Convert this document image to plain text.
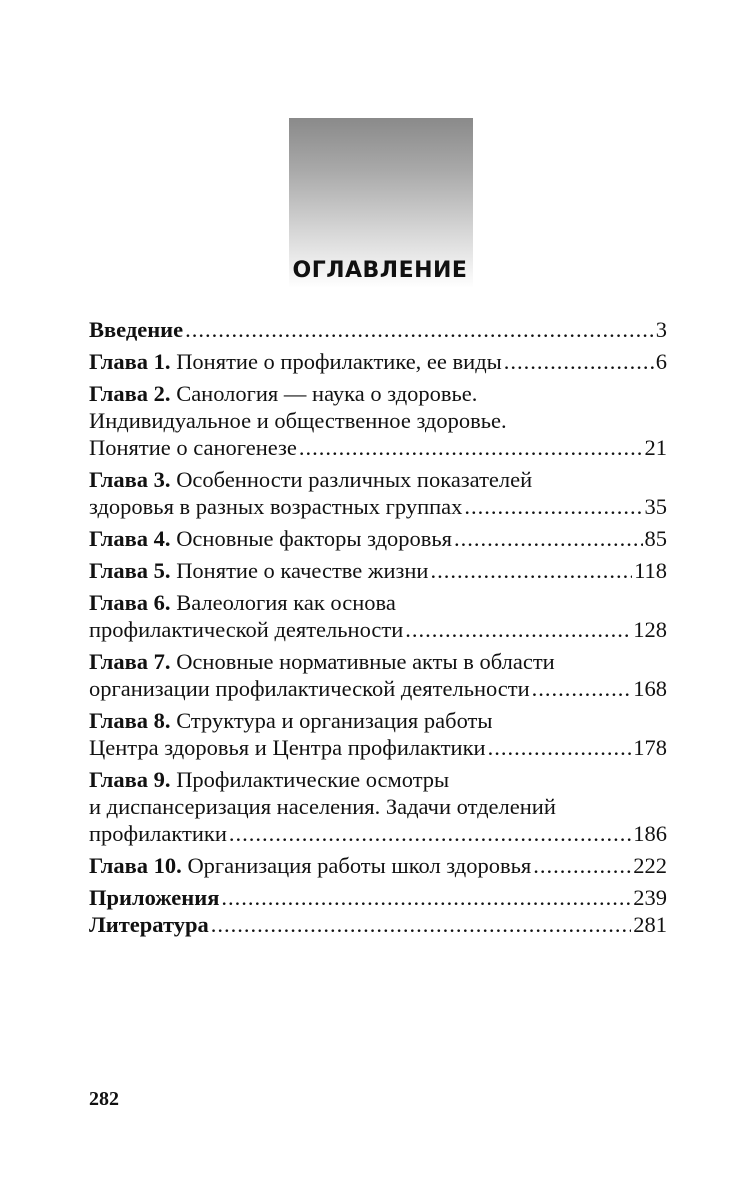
ОГЛАВЛЕНИЕ
Введение .....	3
Глава 1. Понятие о профилактике, ее виды .....	6
Глава 2. Санология — наука о здоровье.
Индивидуальное и общественное здоровье.
Понятие о саногенезе .....	21
Глава 3. Особенности различных показателей
здоровья в разных возрастных группах .....	35
Глава 4. Основные факторы здоровья .....	85
Глава 5. Понятие о качестве жизни .....	118
Глава 6. Валеология как основа
профилактической деятельности .....	128
Глава 7. Основные нормативные акты в области
организации профилактической деятельности .....	168
Глава 8. Структура и организация работы
Центра здоровья и Центра профилактики .....	178
Глава 9. Профилактические осмотры
и диспансеризация населения. Задачи отделений
профилактики .....	186
Глава 10. Организация работы школ здоровья .....	222
Приложения .....	239
Литература .....	281
282
